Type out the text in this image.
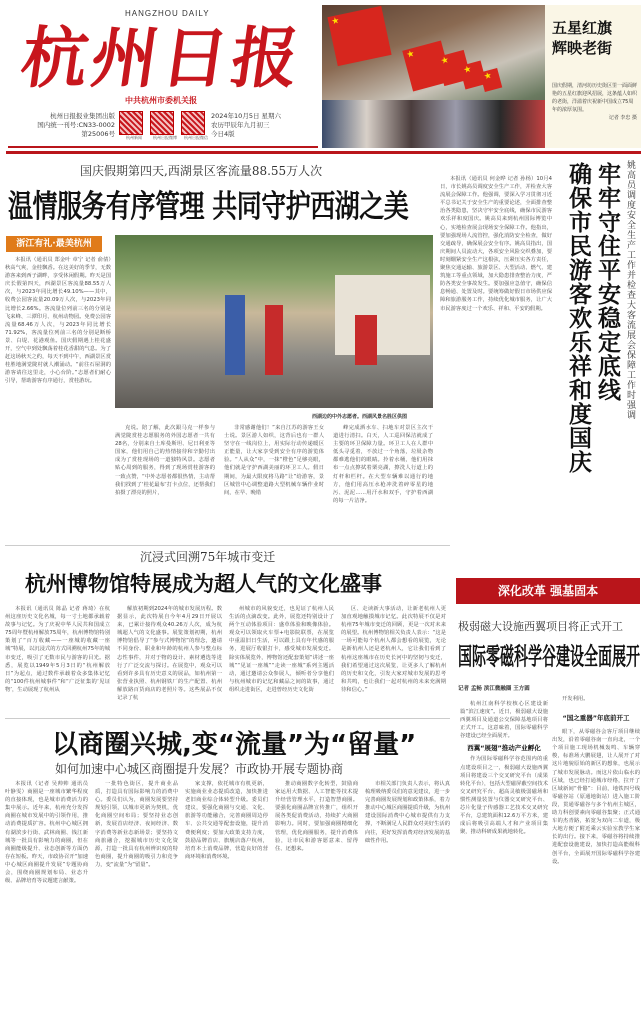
HANGZHOU DAILY
杭州日报
中共杭州市委机关报
杭州日报报业集团出版
国内统一刊号:CN33-0002
第25006号	杭州新闻	杭州日报微博	杭州日报微信
2024年10月5日 星期六
农历甲辰年九月初三
今日4版
★
★
★
★
★
五星红旗
辉映老街
国庆假期，清河坊历史街区里一面面鲜艳的五星红旗迎风招展，这条蕴人如织的老街，洋溢着庆祝新中国成立75周年的浓厚氛围。
记者 李忠 摄
国庆假期第四天,西湖景区客流量88.55万人次
温情服务有序管理 共同守护西湖之美
浙江有礼·最美杭州
本报讯（通讯员 郑金叶 章宁 记者 俞倩）秋高气爽，金桂飘香。在这美好的季节，无数游客来到西子湖畔，享受休闲假期。昨天是国庆长假第四天，西湖景区客流量88.55万人次，与2023年同比增长49.10%——其中，收费公园客流量20.09万人次，与2023年同比增长2.66%。客流量位列前三名的分别是飞来峰、三潭印月、杭州动物园。免费公园客流量68.46万人次，与2023年同比增长71.92%，客流量位列前三名的分别是断桥景、白堤、花港观鱼。国庆假期遇上桂花盛开，空气中到处飘荡着桂花香甜的气息。为了赶这场秋天之约，每天不到中午，西湖景区赏桂胜地满觉陇村就人潮涌动。“前往石屋洞的游客请往这里走，小心台阶。”志愿者们耐心引导，帮助游客有序通行，赏桂游玩。
西湖边的中外志愿者。西湖风景名胜区供图
克说。陪了解，此次跟马克一样参与满觉陇赏桂志愿服务的外国志愿者一共有28名，分别来自土库曼斯坦、尼日利亚等国家，他们用自己的热情接待和辛勤付出成为了赏桂现场的一道独特风景。志愿者贴心周到的服务，得到了现场赏桂游客的一致点赞，“中外志愿者都很热情，主动帮我们找到了‘桂花最布’打卡点位，还帮我们拍摄了漂亮的照片，
非常感谢他们！”来自江苏的游客王女士说。景区游人如织，这背后也有一群人坚守在一线岗位上，用实际行动传递暖区正能量，让大家享受到安全有序的游览体验。“人从众”中，一抹“橙色”足够亮眼，他们就是守护西湖美丽的环卫工人。假日期间，为最大限度将马路“让”给游客，景区城管中心调整道路大型机械车辆作业时间，在早、晚错
峰完成洒水车、扫地车对景区主次干道进行清扫。白天，人工巡回保洁就成了主要的环卫保障力量。环卫工人在人群中低头寻觅着，不放过一个角落，垃圾杂物都难逃他们的眼睛。拎着水桶，他们用抹布一点点擦拭着栗亮湖，擦洗人行道上的灯杆和栏杆。在大型车辆难以通行的地方，他们用高压水枪冲洗着碎零星的地污、泥泥……用汗水和双手，守护着西湖的每一片洁净。
本报讯（通讯员 何金晔 记者 孙杨）10月4日，市长姚高员调度安全生产工作，并检查大客流展会保障工作。他强调，要深入学习贯彻习近平总书记关于安全生产的重要论述，全面排查整治各类隐患，坚决守牢安全底线，确保市民游客欢乐祥和度国庆。姚高员来到杭州国际博览中心，实地检查展会现场安全保障工作。他指出，要加强现场人流管控，强化消防安全检查，做好交通疏导，确保展会安全有序。姚高员指出，国庆期间人员流动大，各项安全风险交织叠加，要时刻绷紧安全生产这根弦，压紧压实各方责任，聚焦交通运输、旅游景区、大型活动、燃气、建筑施工等重点领域，加大隐患排查整治力度，严防各类安全事故发生。要加强应急值守，确保信息畅通、处置及时。要统筹做好假日市场供应保障和旅游服务工作，持续优化城市服务，让广大市民游客度过一个欢乐、祥和、平安的假期。	姚高员调度安全生产工作并检查大客流展会保障工作时强调
牢牢守住平安稳定底线
确保市民游客欢乐祥和度国庆
沉浸式回溯75年城市变迁
杭州博物馆特展成为超人气的文化盛事
本报讯（通讯员 陈晶 记者 蒋琦）在杭州这座历史文化名城，每一寸土地都承载着故事与记忆。为了庆祝中华人民共和国成立75周年暨杭州解放75周年，杭州博物馆特别策划了“百万收藏——一座城的收藏一座城”特展，以沉浸式的方式回溯杭州75年的城市变迁，吸引了无数市民与游客的目光。据悉，展览以1949年5月3日的“杭州解放日”为起点，通过数件承载着众多集体记忆的“100件杭州城事件”和“广泛征集的‘见证物’，生动展现了杭州从
解放初期到2024年的城市发展历程。数据显示，此次特展自今年4月29日开展以来，已累计接待观众40.26万人次，成为杭城超人气的文化盛事。展览策划初期，杭州博物馆倡导了“参与式博物馆”的理念，邀请不同身份、职业和年龄的杭州人参与整点标志性事件，并对于物的设计、素材遴选等进行了广泛交流与探讨。在展览中，观众可以看到许多具有历史意义的展品，如杭州第一张营业执照、杭州钢铁厂的生产配置、杭州解放路百货商店的老照片等。这些展品不仅记录了杭
州城市的风貌变迁，也见证了杭州人民生活的点滴改变。此外，展览还特别设计了两个互动体验项目：盛草体验和映像体验。观众可以领取火车票+电影院联票，在展览中重温旧日生活，可以跟上具有年代感的服务，进展厅收银打卡，感受城市发展变迁。除实体展览外，博物馆还配套策划“讲述一座城”“见证一座城”“走读一座城”系列主题活动，通过邀请公众参展人，倾听者分享他们与杭州城市的记忆和藏品之间的故事，通过组织走进街区，走进曾经历史文化街
区、走读新大事活动，让新老杭州人更加直观地触摸城市记忆。此次特展不仅是对杭州75年城市变迁的回顾，更是一次对未来的展望。杭州博物馆相关负责人表示：“这是一场可能每个杭州人都会想看的展览，无论是新杭州人还是老杭州人，它让我们看到了杭州这座城市在历史长河中的坚韧与变迁，我们希望通过这次展览，让更多人了解杭州的历史和文化，引发大家对城市发展的思考和共鸣，也让我们一起对杭州的未来充满期待和信心。”
深化改革 强基固本
极弱磁大设施西翼项目将正式开工
国际零磁科学谷建设全面展开
记者 孟畅 滨江微融圈 王方圆
杭州江南科学校核心区建设新篇“滨江速度”。近日，极弱磁大设施西翼项目及通道公交保障基地项目将正式开工。这意味着，国际零磁科学谷建设已经全面展开。
西翼“展翅”推动产业孵化
作为国际零磁科学谷范围内的重点建设项目之一，极弱磁大设施西翼项目将建设三个交叉研究平台（成果转化平台），包括大型磁屏蔽空间技术交叉研究平台、超高灵敏极弱磁场和惯性测量装置与仪器交叉研究平台、芯片化量子传感器工艺技术交叉研究平台，总建筑面积12.6万平方米，建成后将吸引高端人才和产业项目集聚，推动科研成果就地转化。
开发利用。
“国之重器”年底前开工
眼下，从零磁谷会客厅项目继续出发，沿着零磁谷南一直向北，一个个项目施工现场机械轰鸣、车辆穿梭，标准场大鹏展翅，让人展开了对这片地貌原始的新区的想象，也展示了城市发展脉动。而这片依山临水的区域，也已经打通城市经络，拉开了区域新间“骨骼”：目前，地铁四号线零磁谷站（原通地街站）进入施工阶段，贯通零磁谷与多个杭州主城区，助力科创要素向零磁谷集聚；正式通车的杰青路，拓宽为双向二车道，极大地方便了附近乘云实验室教学生家长的出行。接下来，零磁谷将持续推进配套设施建设，加快打造高能级科创平台，全面展开国际零磁科学谷建设。
以商圈兴城,变“流量”为“留量”
如何加速中心城区商圈提升发展？市政协开展专题协商
本报讯（记者 吴帅帅 通讯员 叶静雯）商圈是一座城市繁华程度的直接体现，也是城市消费活力的集中展示。近年来，杭州充分发挥商圈在城市发展中的引领作用，推动消费提质扩容。杭州中心城区拥有湖滨步行街、武林商圈、钱江新城等一批具有影响力的商圈，但在商圈能级提升、业态创新等方面仍存在短板。昨天，市政协召开“加速中心城区商圈提升发展”专题协商会，围绕商圈规划布局、业态升级、品牌培育等议题建言献策。
一批特色街区，提升商业品质，打造具有国际影响力的消费中心。委员们认为，商圈发展要坚持规划引领，以城市更新为契机，优化商圈空间布局；要坚持业态创新，发展首店经济、夜间经济、数字消费等新业态新场景；要坚持文商旅融合，挖掘城市历史文化资源，打造一批具有杭州辨识度的特色商圈，提升商圈的吸引力和竞争力，变“流量”为“留量”。
家支撑，依托城市有机更新，实施商业业态提质改造，加快推进老旧商业综合体转型升级。委员们建议，要强化商圈与交通、文化、旅游等功能融合，完善商圈周边停车、公共交通等配套设施，提升消费便利度；要加大政策支持力度，鼓励品牌首店、旗舰店落户杭州，培育本土消费品牌，营造良好的营商环境和消费环境。
推动商圈数字化转型，鼓励商家运用大数据、人工智能等技术提升经营管理水平，打造智慧商圈。要强化商圈品牌宣传推广，组织开展各类促消费活动，持续扩大商圈影响力。同时，要加强商圈精细化管理，优化商圈服务，提升消费体验，让市民和游客愿意来、留得住、还想来。
市相关部门负责人表示，将认真梳理吸纳委员们的意见建议，进一步完善商圈发展规划和政策体系，着力推动中心城区商圈提质升级，为杭州建设国际消费中心城市提供有力支撑，不断满足人民群众对美好生活的向往，更好发挥消费对经济发展的基础性作用。
